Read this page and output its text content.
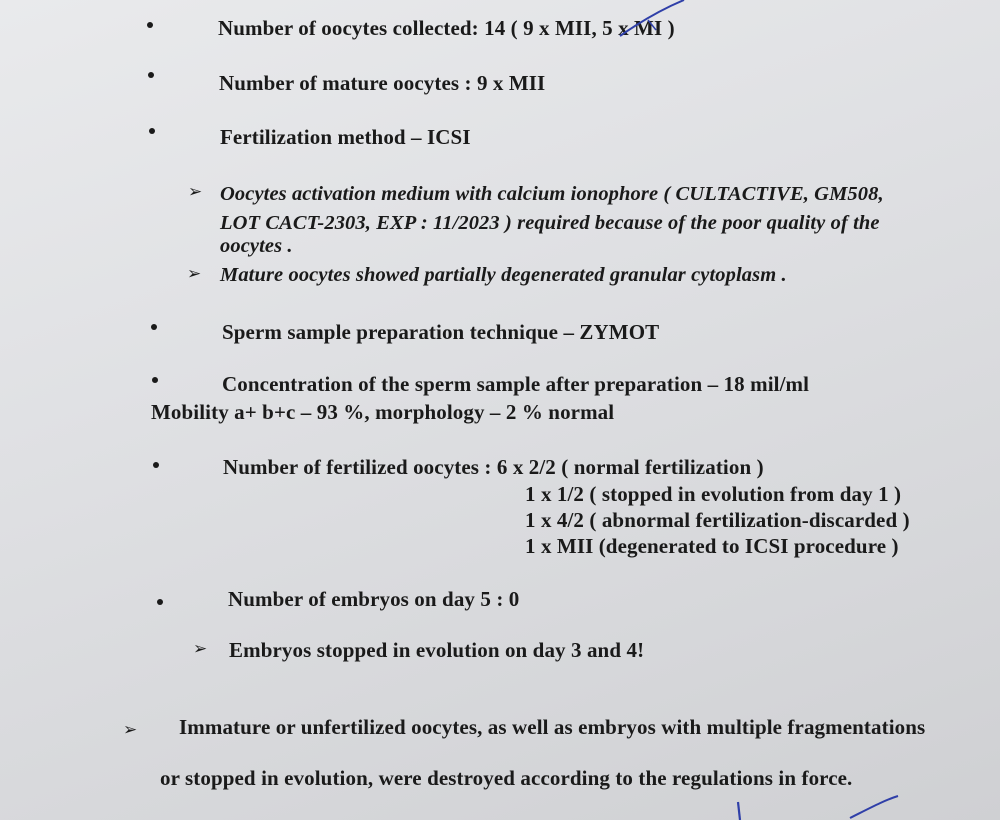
Number of oocytes collected: 14 ( 9 x MII, 5 x MI )
Number of mature oocytes : 9 x MII
Fertilization method – ICSI
➢ Oocytes activation medium with calcium ionophore ( CULTACTIVE, GM508,
LOT CACT-2303, EXP : 11/2023 ) required because of the poor quality of the
oocytes .
➢ Mature oocytes showed partially degenerated granular cytoplasm .
Sperm sample preparation technique – ZYMOT
Concentration of the sperm sample after preparation – 18 mil/ml
Mobility a+ b+c – 93 %, morphology – 2 % normal
Number of fertilized oocytes : 6 x 2/2 ( normal fertilization )
1 x 1/2 ( stopped in evolution from day 1 )
1 x 4/2 ( abnormal fertilization-discarded )
1 x MII (degenerated to ICSI procedure )
Number of embryos on day 5 : 0
➢ Embryos stopped in evolution on day 3 and 4!
➢ Immature or unfertilized oocytes, as well as embryos with multiple fragmentations
or stopped in evolution, were destroyed according to the regulations in force.
